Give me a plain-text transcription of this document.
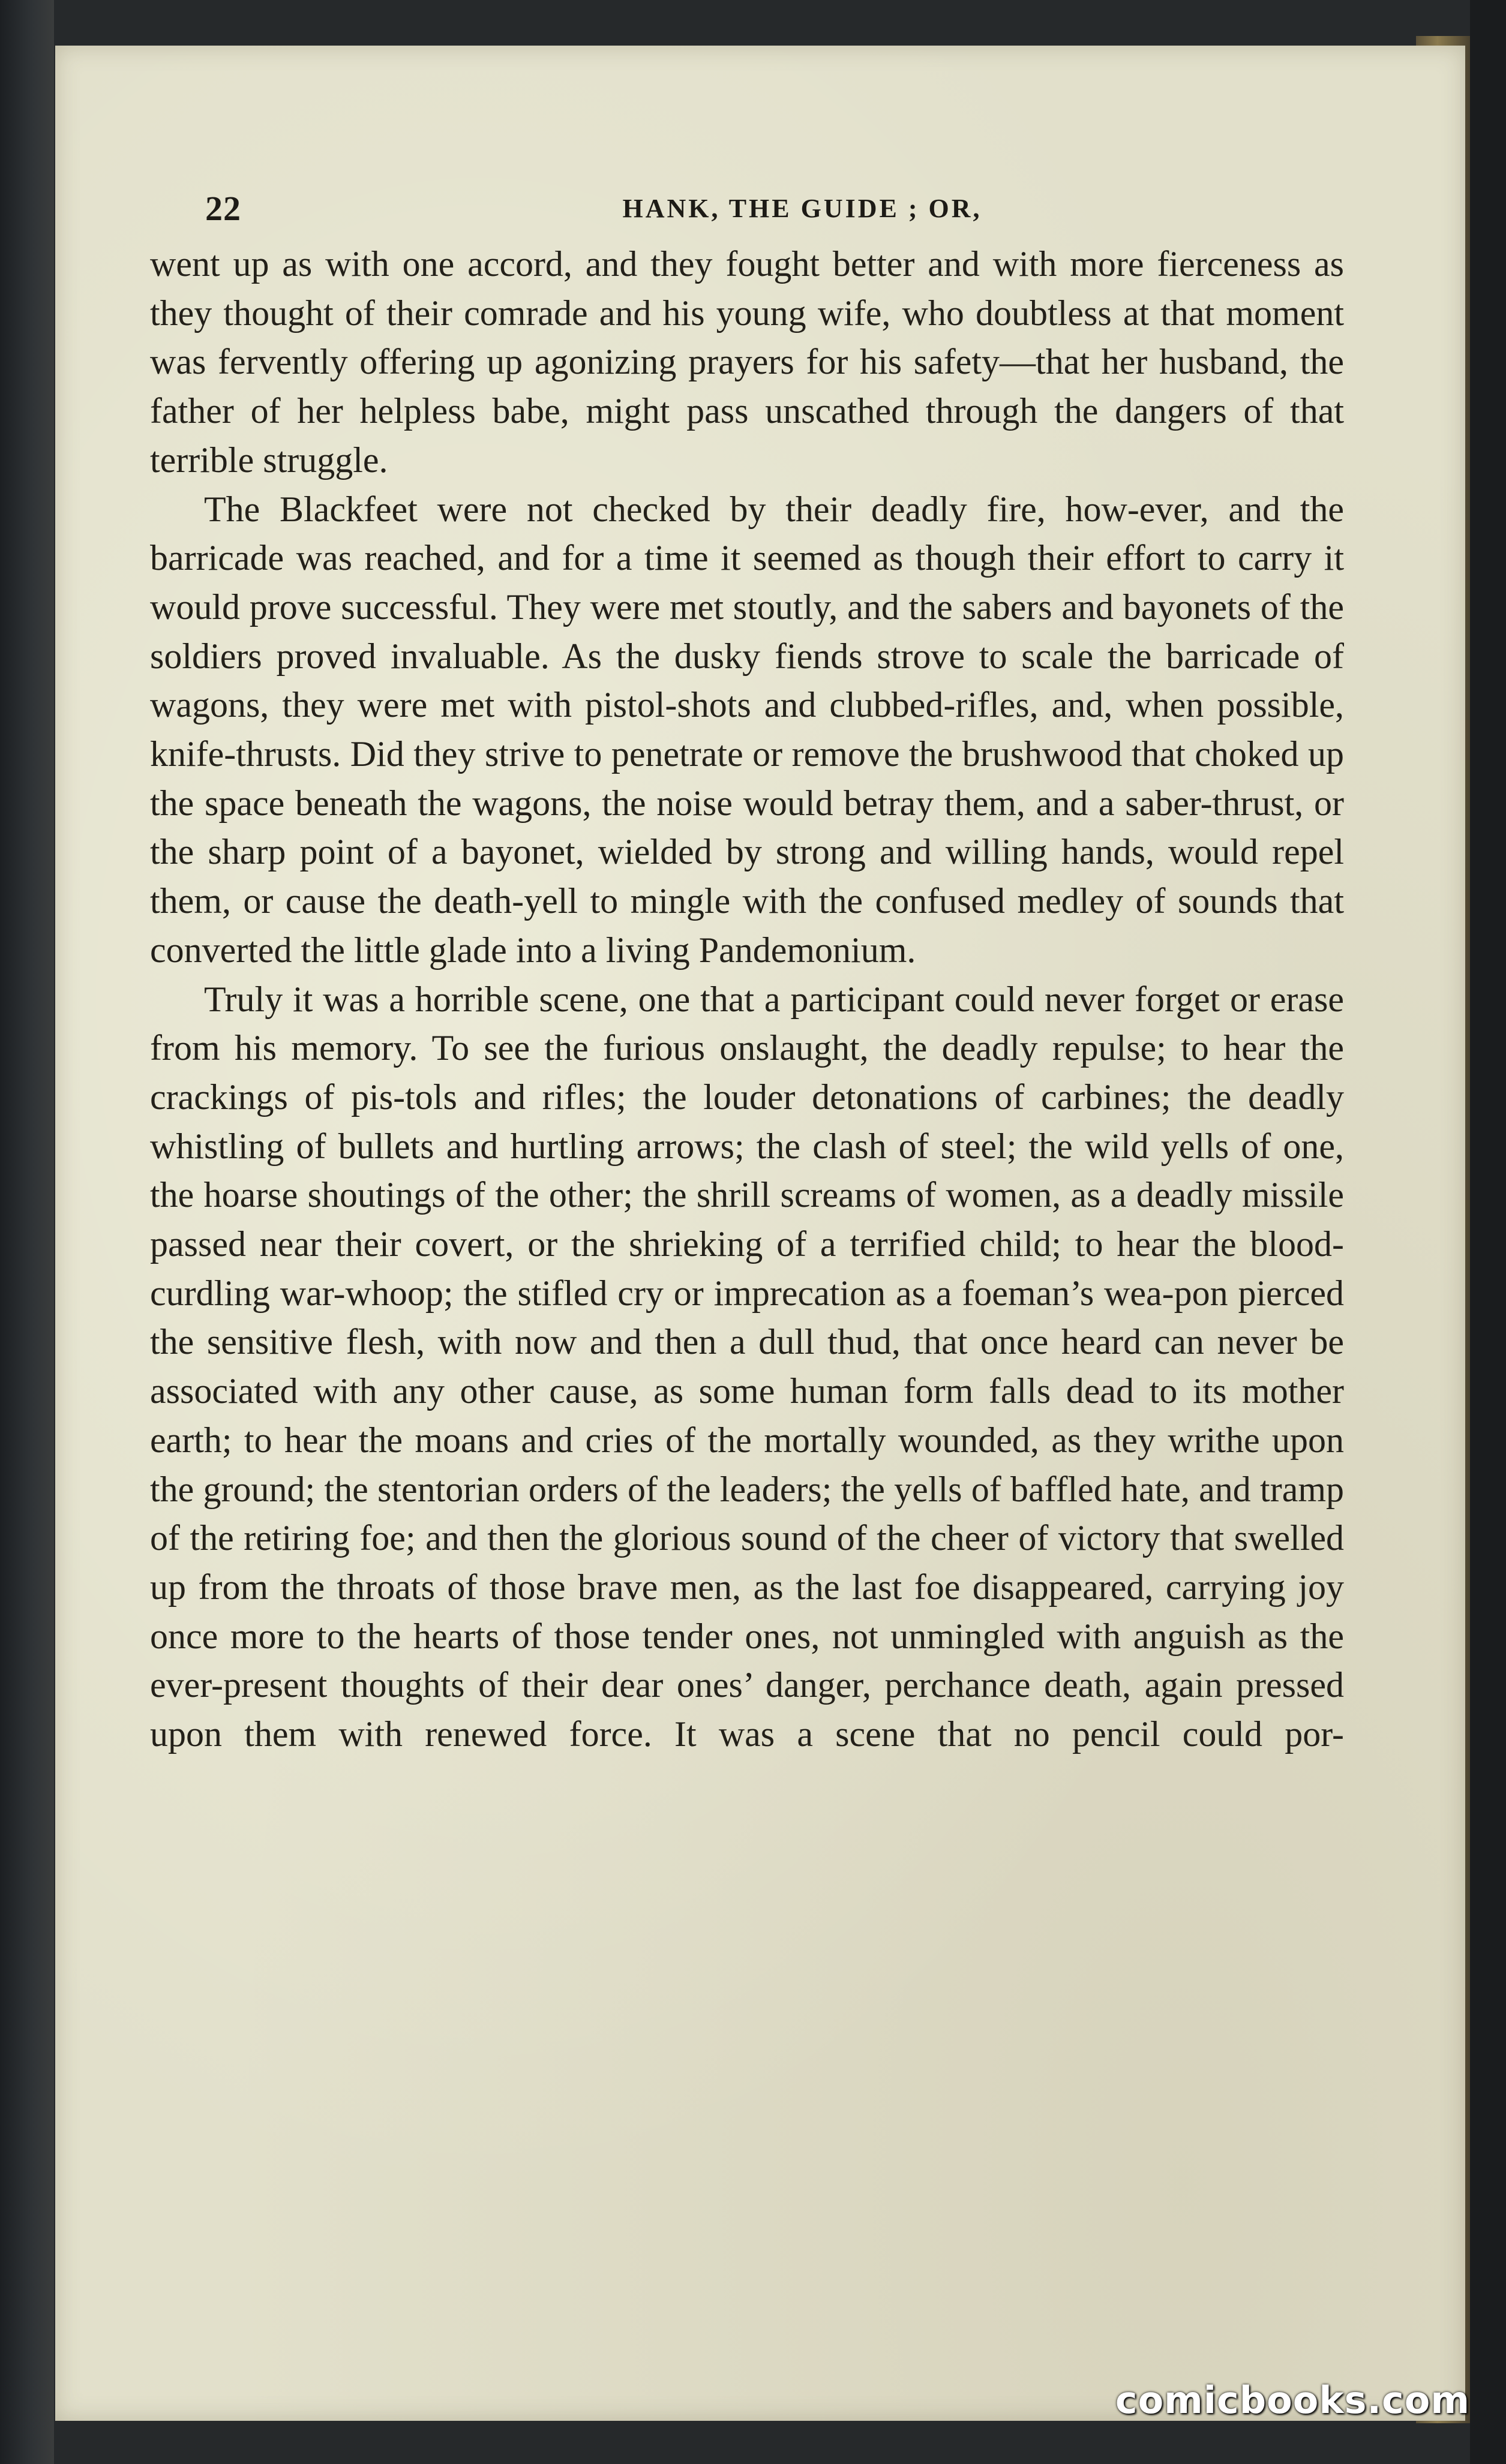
22	HANK, THE GUIDE ; OR,

went up as with one accord, and they fought better and with more fierceness as they thought of their comrade and his young wife, who doubtless at that moment was fervently offering up agonizing prayers for his safety—that her husband, the father of her helpless babe, might pass unscathed through the dangers of that terrible struggle.

The Blackfeet were not checked by their deadly fire, how-ever, and the barricade was reached, and for a time it seemed as though their effort to carry it would prove successful. They were met stoutly, and the sabers and bayonets of the soldiers proved invaluable. As the dusky fiends strove to scale the barricade of wagons, they were met with pistol-shots and clubbed-rifles, and, when possible, knife-thrusts. Did they strive to penetrate or remove the brushwood that choked up the space beneath the wagons, the noise would betray them, and a saber-thrust, or the sharp point of a bayonet, wielded by strong and willing hands, would repel them, or cause the death-yell to mingle with the confused medley of sounds that converted the little glade into a living Pandemonium.

Truly it was a horrible scene, one that a participant could never forget or erase from his memory. To see the furious onslaught, the deadly repulse; to hear the crackings of pis-tols and rifles; the louder detonations of carbines; the deadly whistling of bullets and hurtling arrows; the clash of steel; the wild yells of one, the hoarse shoutings of the other; the shrill screams of women, as a deadly missile passed near their covert, or the shrieking of a terrified child; to hear the blood-curdling war-whoop; the stifled cry or imprecation as a foeman’s wea-pon pierced the sensitive flesh, with now and then a dull thud, that once heard can never be associated with any other cause, as some human form falls dead to its mother earth; to hear the moans and cries of the mortally wounded, as they writhe upon the ground; the stentorian orders of the leaders; the yells of baffled hate, and tramp of the retiring foe; and then the glorious sound of the cheer of victory that swelled up from the throats of those brave men, as the last foe disappeared, carrying joy once more to the hearts of those tender ones, not unmingled with anguish as the ever-present thoughts of their dear ones’ danger, perchance death, again pressed upon them with renewed force. It was a scene that no pencil could por-

comicbooks.com
